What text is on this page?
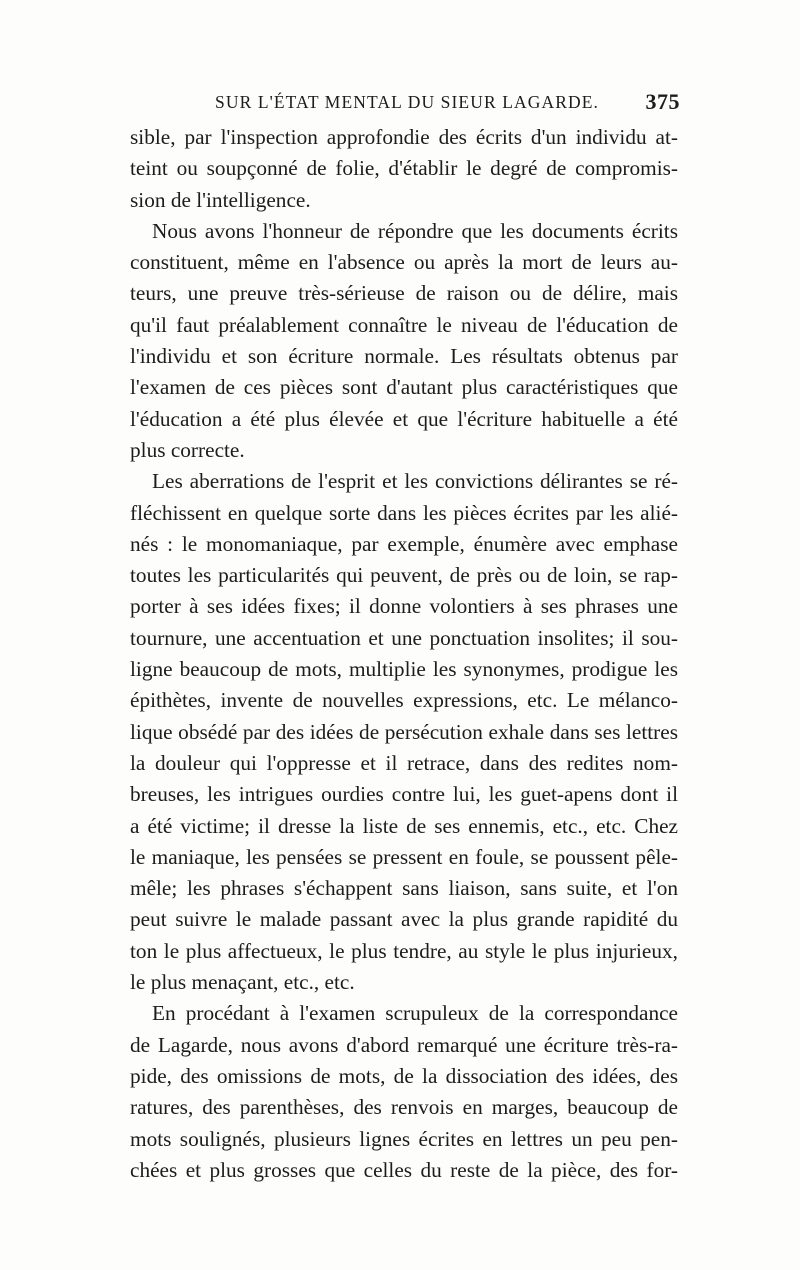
SUR L'ÉTAT MENTAL DU SIEUR LAGARDE. 375

sible, par l'inspection approfondie des écrits d'un individu at-

teint ou soupçonné de folie, d'établir le degré de compromis-

sion de l'intelligence.

Nous avons l'honneur de répondre que les documents écrits

constituent, même en l'absence ou après la mort de leurs au-

teurs, une preuve très-sérieuse de raison ou de délire, mais

qu'il faut préalablement connaître le niveau de l'éducation de

l'individu et son écriture normale. Les résultats obtenus par

l'examen de ces pièces sont d'autant plus caractéristiques que

l'éducation a été plus élevée et que l'écriture habituelle a été

plus correcte.

Les aberrations de l'esprit et les convictions délirantes se ré-

fléchissent en quelque sorte dans les pièces écrites par les alié-

nés : le monomaniaque, par exemple, énumère avec emphase

toutes les particularités qui peuvent, de près ou de loin, se rap-

porter à ses idées fixes; il donne volontiers à ses phrases une

tournure, une accentuation et une ponctuation insolites; il sou-

ligne beaucoup de mots, multiplie les synonymes, prodigue les

épithètes, invente de nouvelles expressions, etc. Le mélanco-

lique obsédé par des idées de persécution exhale dans ses lettres

la douleur qui l'oppresse et il retrace, dans des redites nom-

breuses, les intrigues ourdies contre lui, les guet-apens dont il

a été victime; il dresse la liste de ses ennemis, etc., etc. Chez

le maniaque, les pensées se pressent en foule, se poussent pêle-

mêle; les phrases s'échappent sans liaison, sans suite, et l'on

peut suivre le malade passant avec la plus grande rapidité du

ton le plus affectueux, le plus tendre, au style le plus injurieux,

le plus menaçant, etc., etc.

En procédant à l'examen scrupuleux de la correspondance

de Lagarde, nous avons d'abord remarqué une écriture très-ra-

pide, des omissions de mots, de la dissociation des idées, des

ratures, des parenthèses, des renvois en marges, beaucoup de

mots soulignés, plusieurs lignes écrites en lettres un peu pen-

chées et plus grosses que celles du reste de la pièce, des for-
